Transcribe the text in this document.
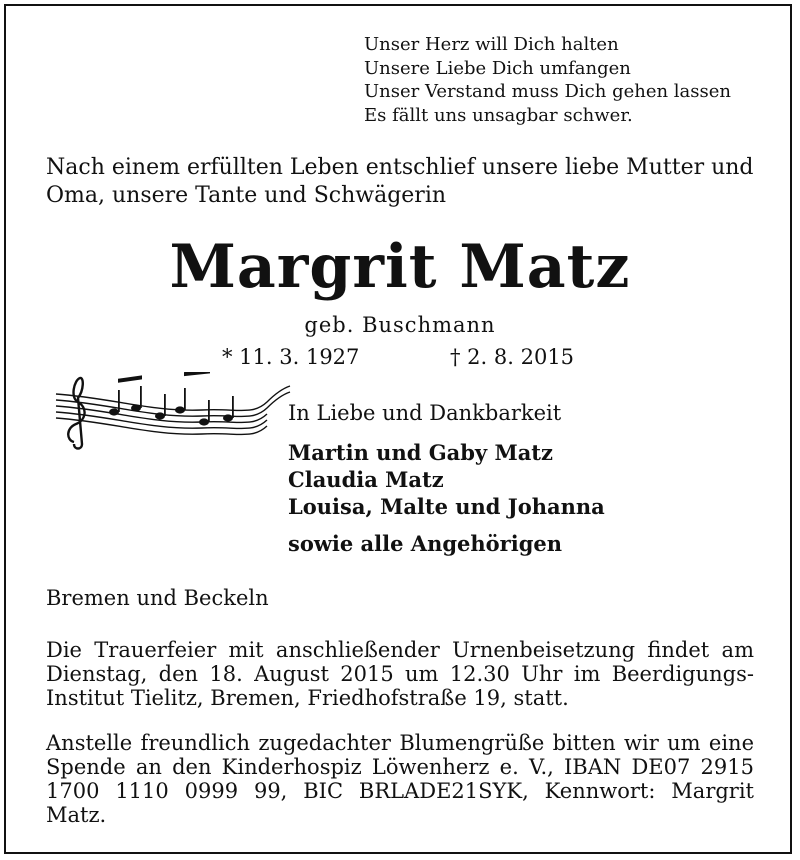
Unser Herz will Dich halten
Unsere Liebe Dich umfangen
Unser Verstand muss Dich gehen lassen
Es fällt uns unsagbar schwer.
Nach einem erfüllten Leben entschlief unsere liebe Mutter und
Oma, unsere Tante und Schwägerin
Margrit Matz
geb. Buschmann
* 11. 3. 1927	† 2. 8. 2015
In Liebe und Dankbarkeit
Martin und Gaby Matz
Claudia Matz
Louisa, Malte und Johanna
sowie alle Angehörigen
Bremen und Beckeln
Die Trauerfeier mit anschließender Urnenbeisetzung findet am Dienstag, den 18. August 2015 um 12.30 Uhr im Beerdigungs-Institut Tielitz, Bremen, Friedhofstraße 19, statt.
Anstelle freundlich zugedachter Blumengrüße bitten wir um eine Spende an den Kinderhospiz Löwenherz e. V., IBAN DE07 2915 1700 1110 0999 99, BIC BRLADE21SYK, Kennwort: Margrit Matz.
